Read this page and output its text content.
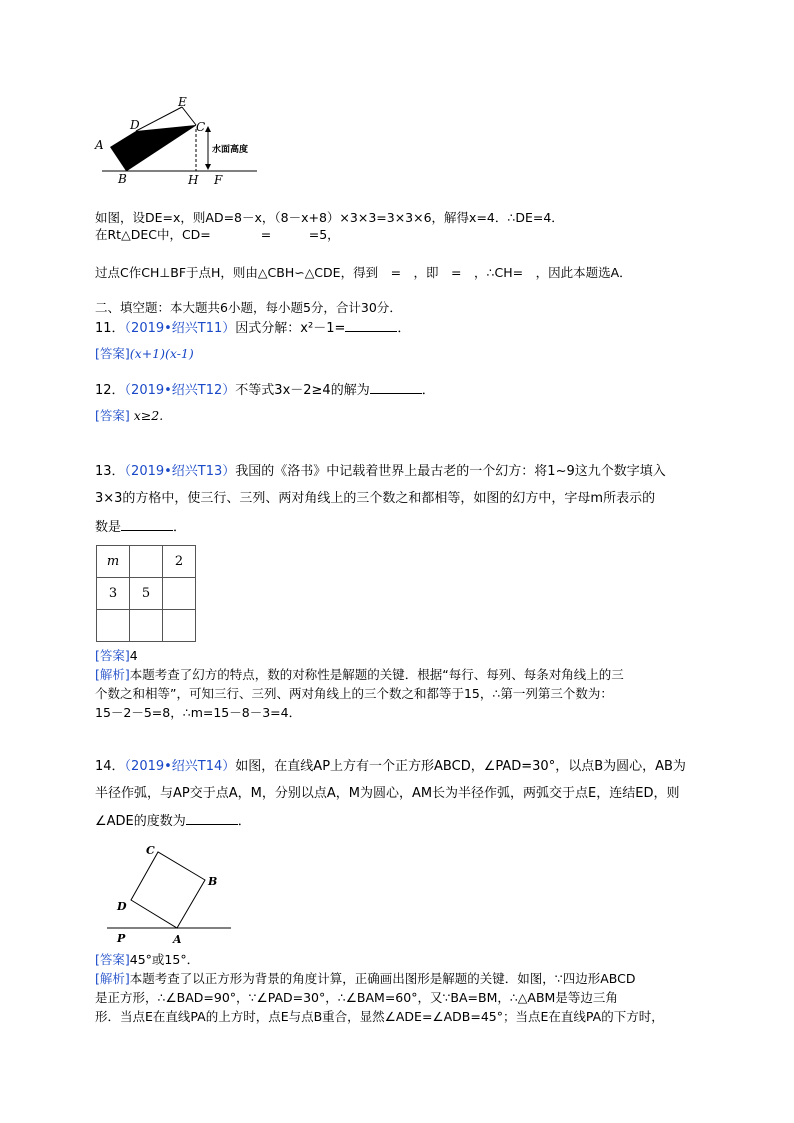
A
D
E
C
B	H F
水面高度
如图，设DE=x，则AD=8－x，（8－x+8）×3×3=3×3×6，解得x=4．∴DE=4．
在Rt△DEC中，CD=　　　　=　　　=5，
过点C作CH⊥BF于点H，则由△CBH∽△CDE，得到　=　，即　=　，∴CH=　，因此本题选A．
二、填空题：本大题共6小题，每小题5分，合计30分．
11．（2019•绍兴T11）因式分解：x²－1=	．
[答案](x+1)(x-1)
12．（2019•绍兴T12）不等式3x－2≥4的解为	．
[答案] x≥2.
13．（2019•绍兴T13）我国的《洛书》中记载着世界上最古老的一个幻方：将1~9这九个数字填入
3×3的方格中，使三行、三列、两对角线上的三个数之和都相等，如图的幻方中，字母m所表示的
数是	．
m		2
3	5	

[答案]4
[解析]本题考查了幻方的特点，数的对称性是解题的关键．根据“每行、每列、每条对角线上的三
个数之和相等”，可知三行、三列、两对角线上的三个数之和都等于15，∴第一列第三个数为：
15－2－5=8，∴m=15－8－3=4．
14．（2019•绍兴T14）如图，在直线AP上方有一个正方形ABCD，∠PAD=30°，以点B为圆心，AB为
半径作弧，与AP交于点A，M，分别以点A，M为圆心，AM长为半径作弧，两弧交于点E，连结ED，则
∠ADE的度数为	．
C
B
D
P	A
[答案]45°或15°．
[解析]本题考查了以正方形为背景的角度计算，正确画出图形是解题的关键．如图，∵四边形ABCD
是正方形，∴∠BAD=90°，∵∠PAD=30°，∴∠BAM=60°，又∵BA=BM，∴△ABM是等边三角
形．当点E在直线PA的上方时，点E与点B重合，显然∠ADE=∠ADB=45°；当点E在直线PA的下方时，
